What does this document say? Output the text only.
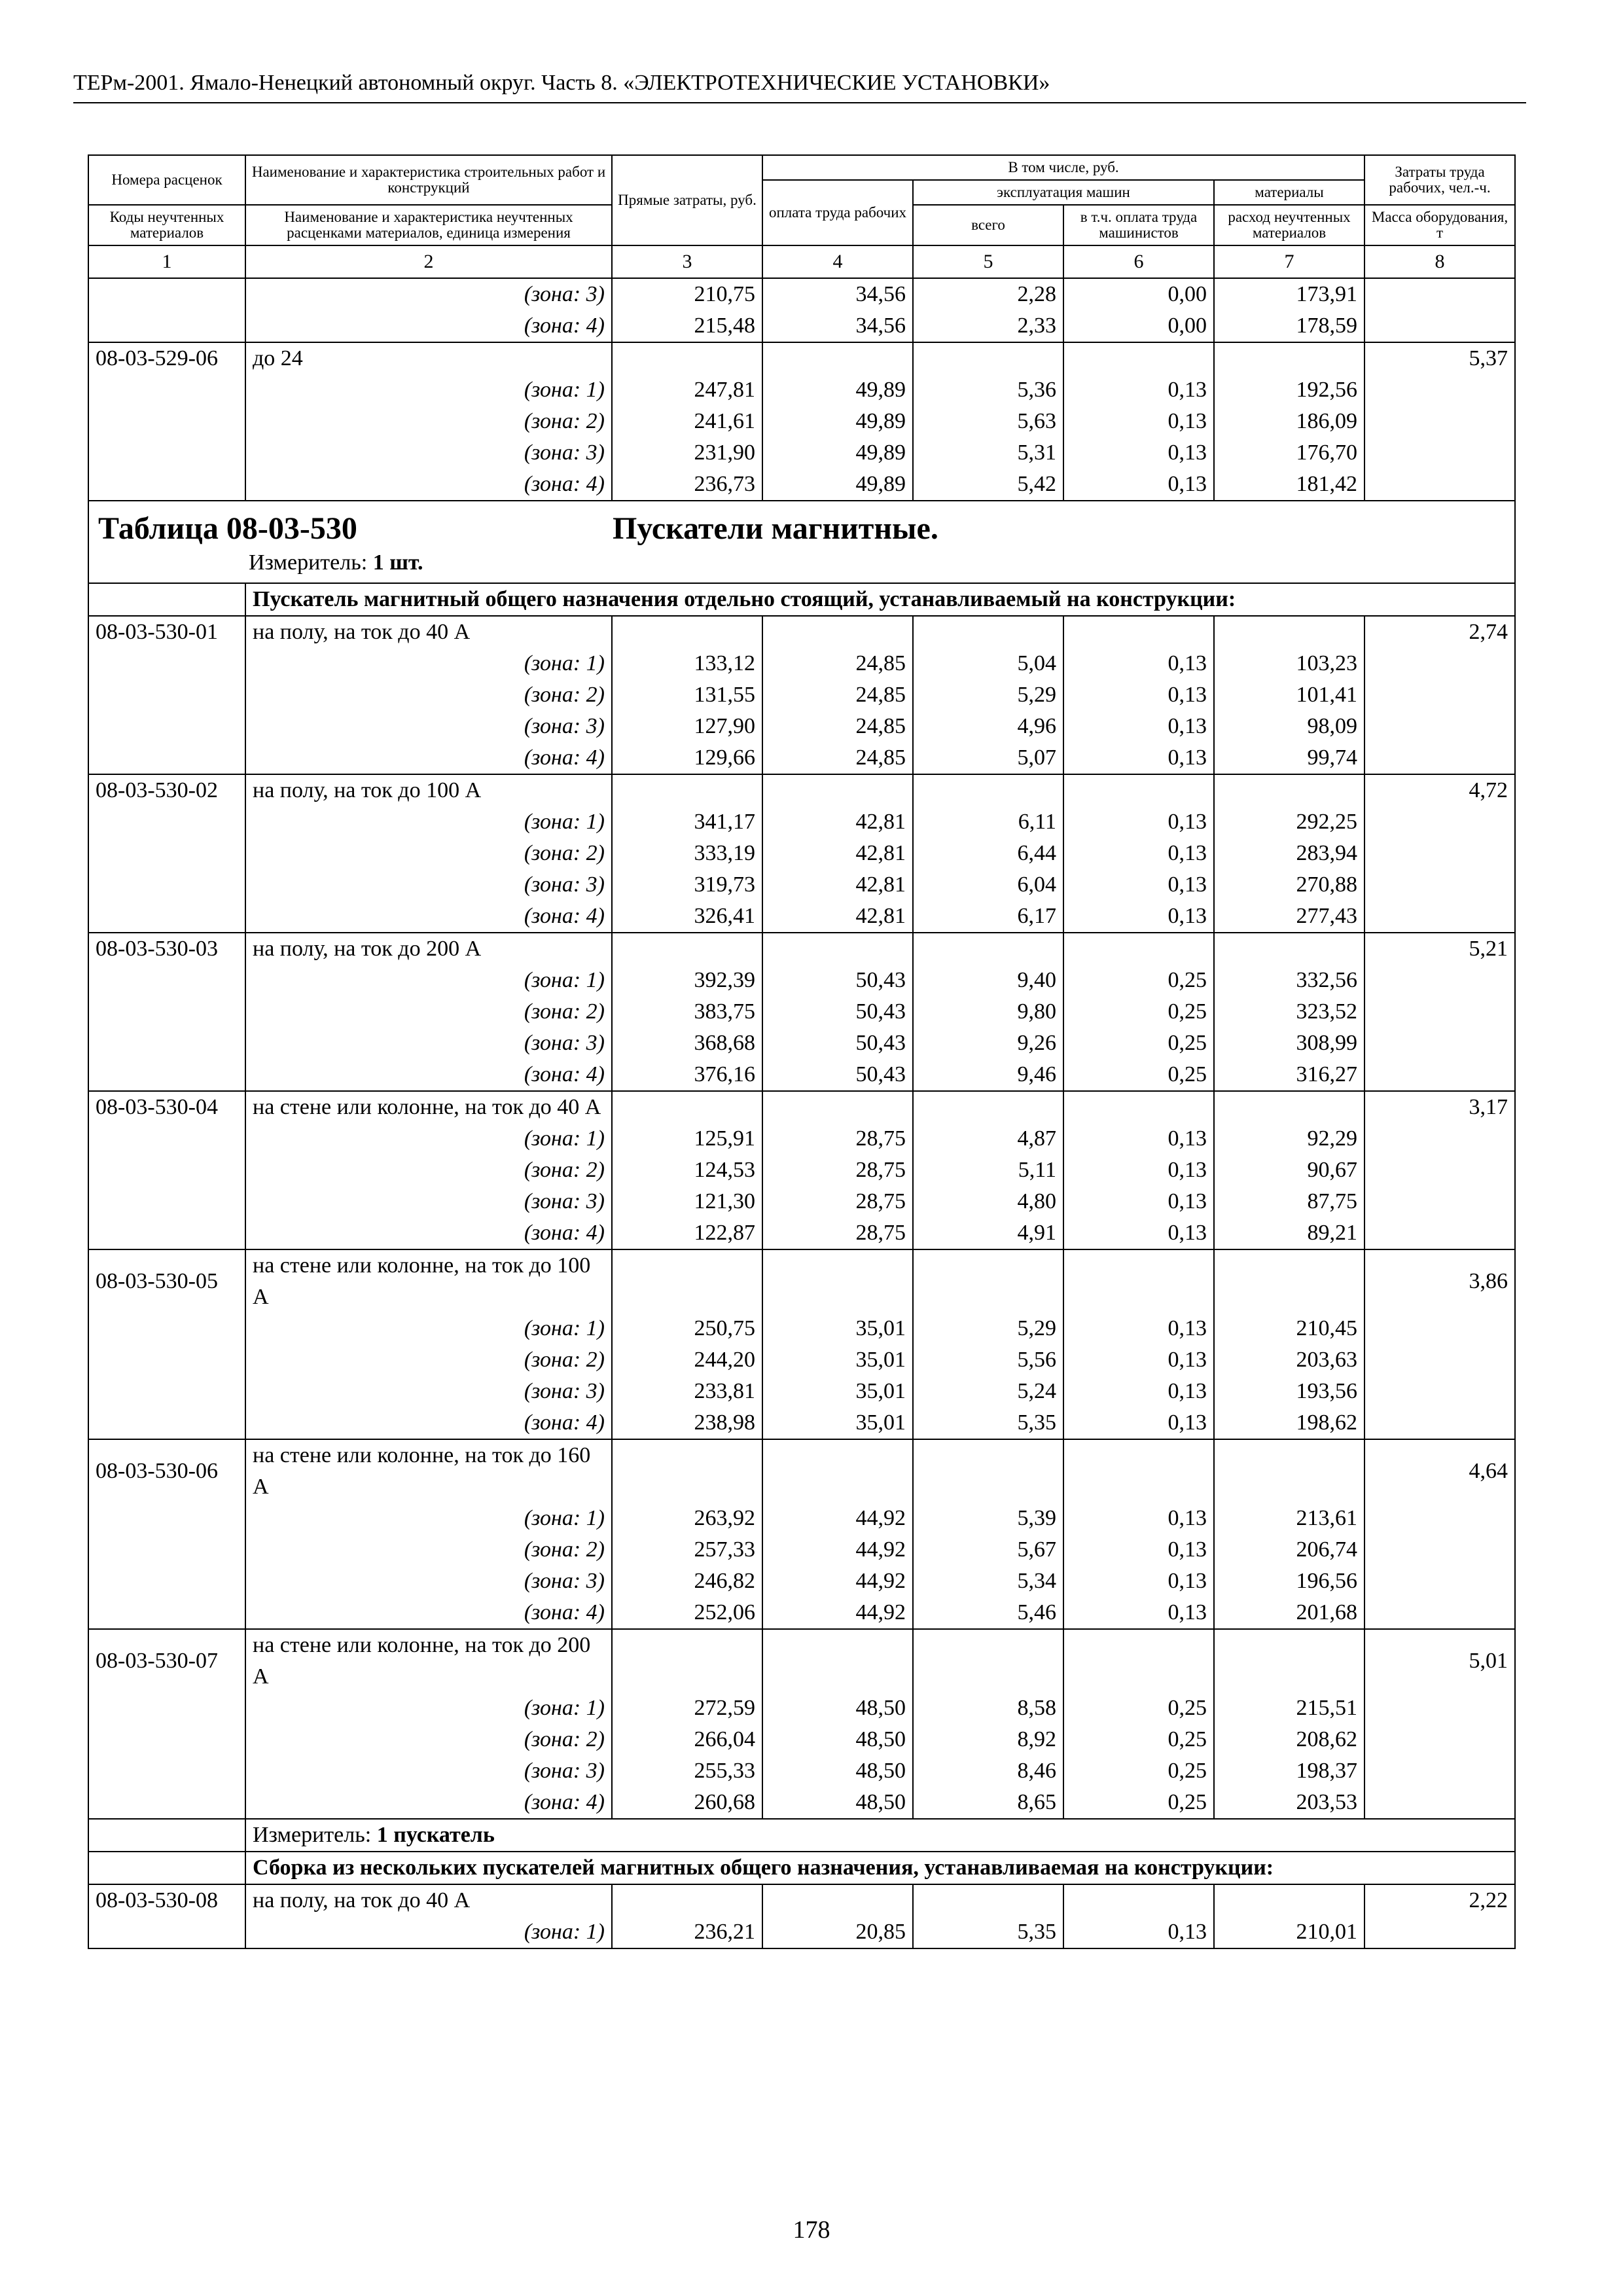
ТЕРм-2001. Ямало-Ненецкий автономный округ. Часть 8. «ЭЛЕКТРОТЕХНИЧЕСКИЕ УСТАНОВКИ»
Номера расценок	Наименование и характеристика строительных работ и конструкций	Прямые затраты, руб.	В том числе, руб.				Затраты труда рабочих, чел.-ч.
			оплата труда рабочих	эксплуатация машин		материалы	
Коды неучтенных материалов	Наименование и характеристика неучтенных расценками материалов, единица измерения			всего	в т.ч. оплата труда машинистов	расход неучтенных материалов	Масса оборудования, т

1	2	3	4	5	6	7	8
	(зона: 3)	210,75	34,56	2,28	0,00	173,91	
	(зона: 4)	215,48	34,56	2,33	0,00	178,59	
08-03-529-06	до 24						5,37
	(зона: 1)	247,81	49,89	5,36	0,13	192,56	
	(зона: 2)	241,61	49,89	5,63	0,13	186,09	
	(зона: 3)	231,90	49,89	5,31	0,13	176,70	
	(зона: 4)	236,73	49,89	5,42	0,13	181,42	

Таблица 08-03-530 Пускатели магнитные.
Измеритель: 1 шт.							

	Пускатель магнитный общего назначения отдельно стоящий, устанавливаемый на конструкции:						
08-03-530-01	на полу, на ток до 40 А						2,74
	(зона: 1)	133,12	24,85	5,04	0,13	103,23	
	(зона: 2)	131,55	24,85	5,29	0,13	101,41	
	(зона: 3)	127,90	24,85	4,96	0,13	98,09	
	(зона: 4)	129,66	24,85	5,07	0,13	99,74	
08-03-530-02	на полу, на ток до 100 А						4,72
	(зона: 1)	341,17	42,81	6,11	0,13	292,25	
	(зона: 2)	333,19	42,81	6,44	0,13	283,94	
	(зона: 3)	319,73	42,81	6,04	0,13	270,88	
	(зона: 4)	326,41	42,81	6,17	0,13	277,43	
08-03-530-03	на полу, на ток до 200 А						5,21
	(зона: 1)	392,39	50,43	9,40	0,25	332,56	
	(зона: 2)	383,75	50,43	9,80	0,25	323,52	
	(зона: 3)	368,68	50,43	9,26	0,25	308,99	
	(зона: 4)	376,16	50,43	9,46	0,25	316,27	
08-03-530-04	на стене или колонне, на ток до 40 А						3,17
	(зона: 1)	125,91	28,75	4,87	0,13	92,29	
	(зона: 2)	124,53	28,75	5,11	0,13	90,67	
	(зона: 3)	121,30	28,75	4,80	0,13	87,75	
	(зона: 4)	122,87	28,75	4,91	0,13	89,21	
08-03-530-05	на стене или колонне, на ток до 100 А						3,86
	(зона: 1)	250,75	35,01	5,29	0,13	210,45	
	(зона: 2)	244,20	35,01	5,56	0,13	203,63	
	(зона: 3)	233,81	35,01	5,24	0,13	193,56	
	(зона: 4)	238,98	35,01	5,35	0,13	198,62	
08-03-530-06	на стене или колонне, на ток до 160 А						4,64
	(зона: 1)	263,92	44,92	5,39	0,13	213,61	
	(зона: 2)	257,33	44,92	5,67	0,13	206,74	
	(зона: 3)	246,82	44,92	5,34	0,13	196,56	
	(зона: 4)	252,06	44,92	5,46	0,13	201,68	
08-03-530-07	на стене или колонне, на ток до 200 А						5,01
	(зона: 1)	272,59	48,50	8,58	0,25	215,51	
	(зона: 2)	266,04	48,50	8,92	0,25	208,62	
	(зона: 3)	255,33	48,50	8,46	0,25	198,37	
	(зона: 4)	260,68	48,50	8,65	0,25	203,53	
	Измеритель: 1 пускатель						
	Сборка из нескольких пускателей магнитных общего назначения, устанавливаемая на конструкции:						
08-03-530-08	на полу, на ток до 40 А						2,22
	(зона: 1)	236,21	20,85	5,35	0,13	210,01	
178
